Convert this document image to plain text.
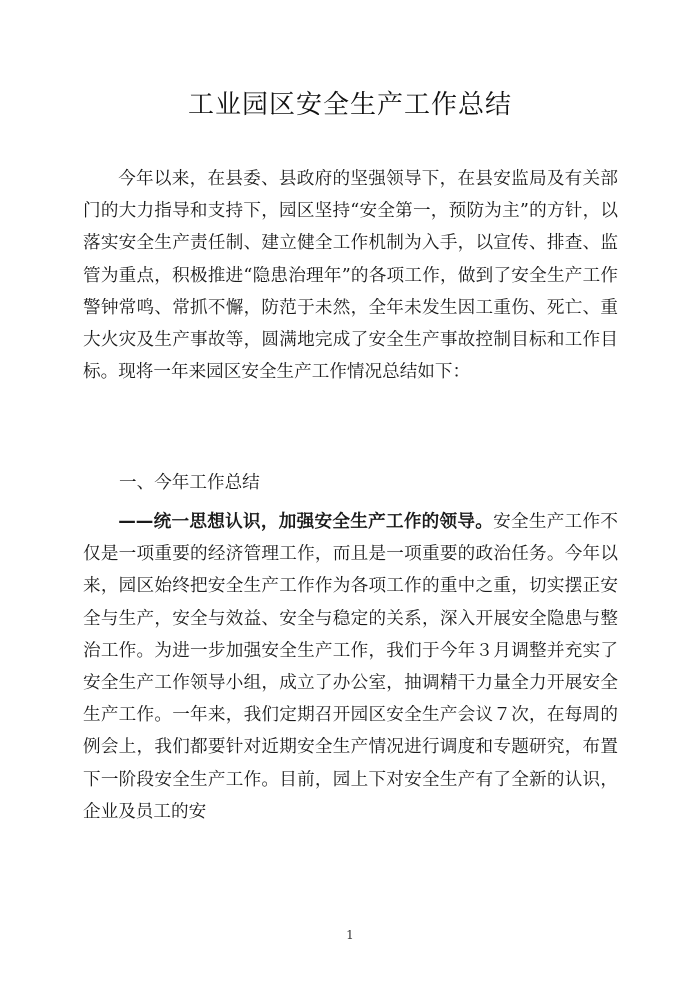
工业园区安全生产工作总结

今年以来，在县委、县政府的坚强领导下，在县安监局及有关部门的大力指导和支持下，园区坚持“安全第一，预防为主”的方针，以落实安全生产责任制、建立健全工作机制为入手，以宣传、排查、监管为重点，积极推进“隐患治理年”的各项工作，做到了安全生产工作警钟常鸣、常抓不懈，防范于未然，全年未发生因工重伤、死亡、重大火灾及生产事故等，圆满地完成了安全生产事故控制目标和工作目标。现将一年来园区安全生产工作情况总结如下：

一、今年工作总结

——统一思想认识，加强安全生产工作的领导。安全生产工作不仅是一项重要的经济管理工作，而且是一项重要的政治任务。今年以来，园区始终把安全生产工作作为各项工作的重中之重，切实摆正安全与生产，安全与效益、安全与稳定的关系，深入开展安全隐患与整治工作。为进一步加强安全生产工作，我们于今年３月调整并充实了安全生产工作领导小组，成立了办公室，抽调精干力量全力开展安全生产工作。一年来，我们定期召开园区安全生产会议７次，在每周的例会上，我们都要针对近期安全生产情况进行调度和专题研究，布置下一阶段安全生产工作。目前，园上下对安全生产有了全新的认识，企业及员工的安

1
